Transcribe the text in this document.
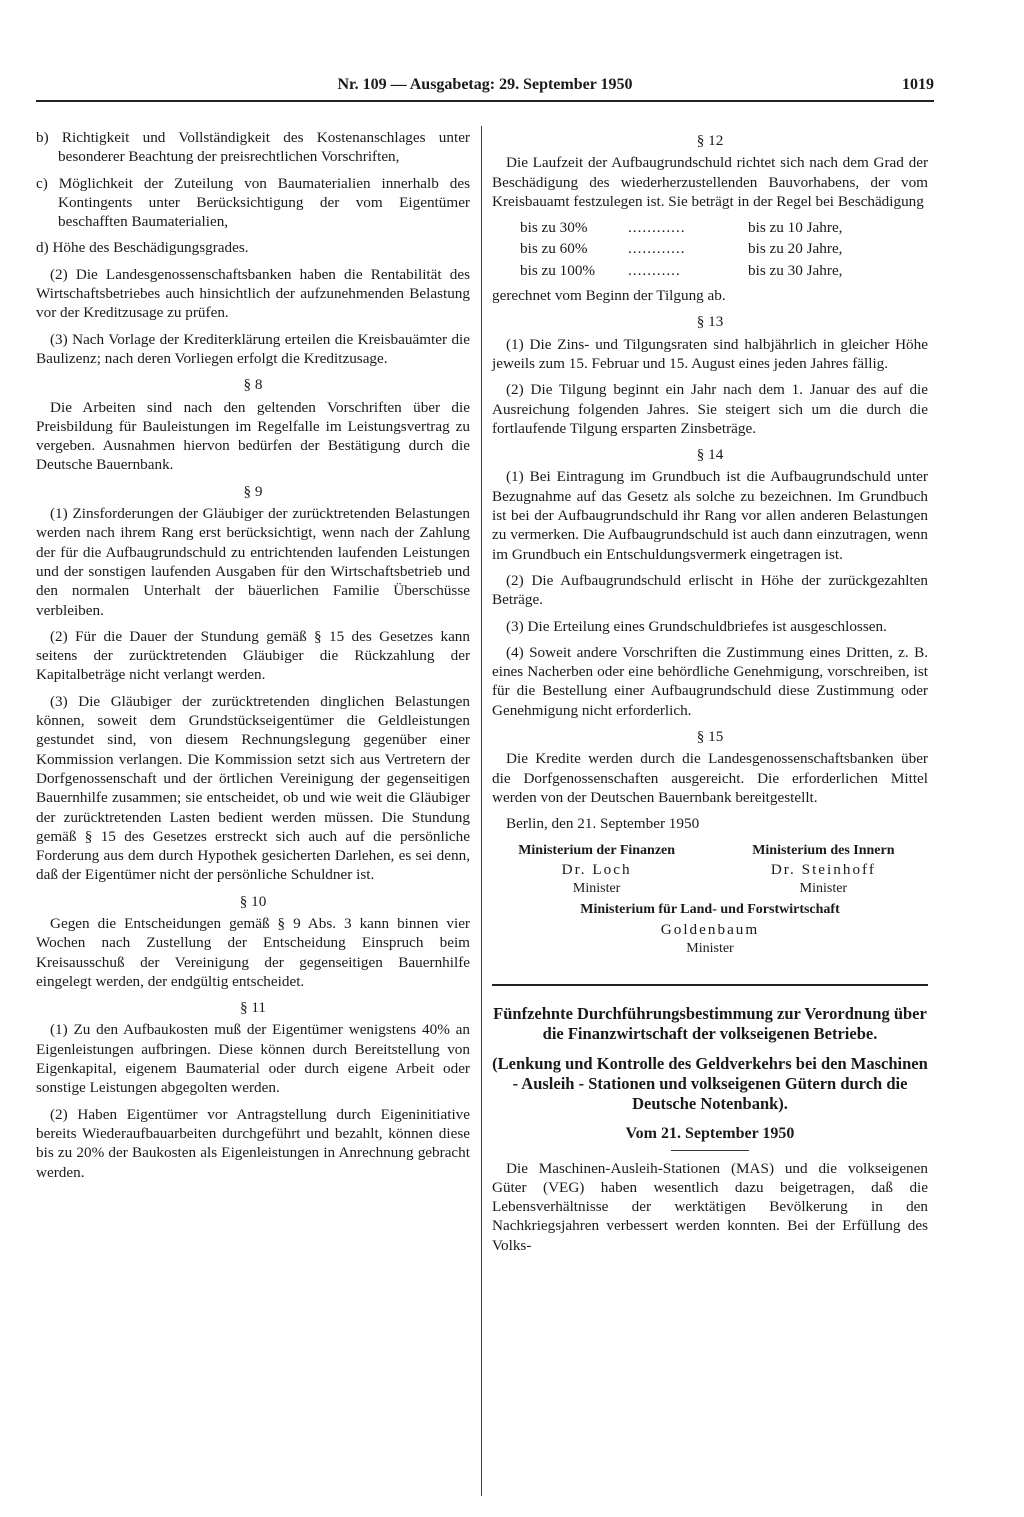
Nr. 109 — Ausgabetag: 29. September 1950	1019

b) Richtigkeit und Vollständigkeit des Kostenanschlages unter besonderer Beachtung der preisrechtlichen Vorschriften,

c) Möglichkeit der Zuteilung von Baumaterialien innerhalb des Kontingents unter Berücksichtigung der vom Eigentümer beschafften Baumaterialien,

d) Höhe des Beschädigungsgrades.

(2) Die Landesgenossenschaftsbanken haben die Rentabilität des Wirtschaftsbetriebes auch hinsichtlich der aufzunehmenden Belastung vor der Kreditzusage zu prüfen.

(3) Nach Vorlage der Krediterklärung erteilen die Kreisbauämter die Baulizenz; nach deren Vorliegen erfolgt die Kreditzusage.

§ 8

Die Arbeiten sind nach den geltenden Vorschriften über die Preisbildung für Bauleistungen im Regelfalle im Leistungsvertrag zu vergeben. Ausnahmen hiervon bedürfen der Bestätigung durch die Deutsche Bauernbank.

§ 9

(1) Zinsforderungen der Gläubiger der zurücktretenden Belastungen werden nach ihrem Rang erst berücksichtigt, wenn nach der Zahlung der für die Aufbaugrundschuld zu entrichtenden laufenden Leistungen und der sonstigen laufenden Ausgaben für den Wirtschaftsbetrieb und den normalen Unterhalt der bäuerlichen Familie Überschüsse verbleiben.

(2) Für die Dauer der Stundung gemäß § 15 des Gesetzes kann seitens der zurücktretenden Gläubiger die Rückzahlung der Kapitalbeträge nicht verlangt werden.

(3) Die Gläubiger der zurücktretenden dinglichen Belastungen können, soweit dem Grundstückseigentümer die Geldleistungen gestundet sind, von diesem Rechnungslegung gegenüber einer Kommission verlangen. Die Kommission setzt sich aus Vertretern der Dorfgenossenschaft und der örtlichen Vereinigung der gegenseitigen Bauernhilfe zusammen; sie entscheidet, ob und wie weit die Gläubiger der zurücktretenden Lasten bedient werden müssen. Die Stundung gemäß § 15 des Gesetzes erstreckt sich auch auf die persönliche Forderung aus dem durch Hypothek gesicherten Darlehen, es sei denn, daß der Eigentümer nicht der persönliche Schuldner ist.

§ 10

Gegen die Entscheidungen gemäß § 9 Abs. 3 kann binnen vier Wochen nach Zustellung der Entscheidung Einspruch beim Kreisausschuß der Vereinigung der gegenseitigen Bauernhilfe eingelegt werden, der endgültig entscheidet.

§ 11

(1) Zu den Aufbaukosten muß der Eigentümer wenigstens 40% an Eigenleistungen aufbringen. Diese können durch Bereitstellung von Eigenkapital, eigenem Baumaterial oder durch eigene Arbeit oder sonstige Leistungen abgegolten werden.

(2) Haben Eigentümer vor Antragstellung durch Eigeninitiative bereits Wiederaufbauarbeiten durchgeführt und bezahlt, können diese bis zu 20% der Baukosten als Eigenleistungen in Anrechnung gebracht werden.

§ 12

Die Laufzeit der Aufbaugrundschuld richtet sich nach dem Grad der Beschädigung des wiederherzustellenden Bauvorhabens, der vom Kreisbauamt festzulegen ist. Sie beträgt in der Regel bei Beschädigung

bis zu 30%	............	bis zu 10 Jahre,
bis zu 60%	............	bis zu 20 Jahre,
bis zu 100%	...........	bis zu 30 Jahre,

gerechnet vom Beginn der Tilgung ab.

§ 13

(1) Die Zins- und Tilgungsraten sind halbjährlich in gleicher Höhe jeweils zum 15. Februar und 15. August eines jeden Jahres fällig.

(2) Die Tilgung beginnt ein Jahr nach dem 1. Januar des auf die Ausreichung folgenden Jahres. Sie steigert sich um die durch die fortlaufende Tilgung ersparten Zinsbeträge.

§ 14

(1) Bei Eintragung im Grundbuch ist die Aufbaugrundschuld unter Bezugnahme auf das Gesetz als solche zu bezeichnen. Im Grundbuch ist bei der Aufbaugrundschuld ihr Rang vor allen anderen Belastungen zu vermerken. Die Aufbaugrundschuld ist auch dann einzutragen, wenn im Grundbuch ein Entschuldungsvermerk eingetragen ist.

(2) Die Aufbaugrundschuld erlischt in Höhe der zurückgezahlten Beträge.

(3) Die Erteilung eines Grundschuldbriefes ist ausgeschlossen.

(4) Soweit andere Vorschriften die Zustimmung eines Dritten, z. B. eines Nacherben oder eine behördliche Genehmigung, vorschreiben, ist für die Bestellung einer Aufbaugrundschuld diese Zustimmung oder Genehmigung nicht erforderlich.

§ 15

Die Kredite werden durch die Landesgenossenschaftsbanken über die Dorfgenossenschaften ausgereicht. Die erforderlichen Mittel werden von der Deutschen Bauernbank bereitgestellt.

Berlin, den 21. September 1950

Ministerium der Finanzen
Dr. Loch
Minister
Ministerium des Innern
Dr. Steinhoff
Minister
Ministerium für Land- und Forstwirtschaft
Goldenbaum
Minister
Fünfzehnte Durchführungsbestimmung zur Verordnung über die Finanzwirtschaft der volkseigenen Betriebe.
(Lenkung und Kontrolle des Geldverkehrs bei den Maschinen - Ausleih - Stationen und volkseigenen Gütern durch die Deutsche Notenbank).
Vom 21. September 1950

Die Maschinen-Ausleih-Stationen (MAS) und die volkseigenen Güter (VEG) haben wesentlich dazu beigetragen, daß die Lebensverhältnisse der werktätigen Bevölkerung in den Nachkriegsjahren verbessert werden konnten. Bei der Erfüllung des Volks-
